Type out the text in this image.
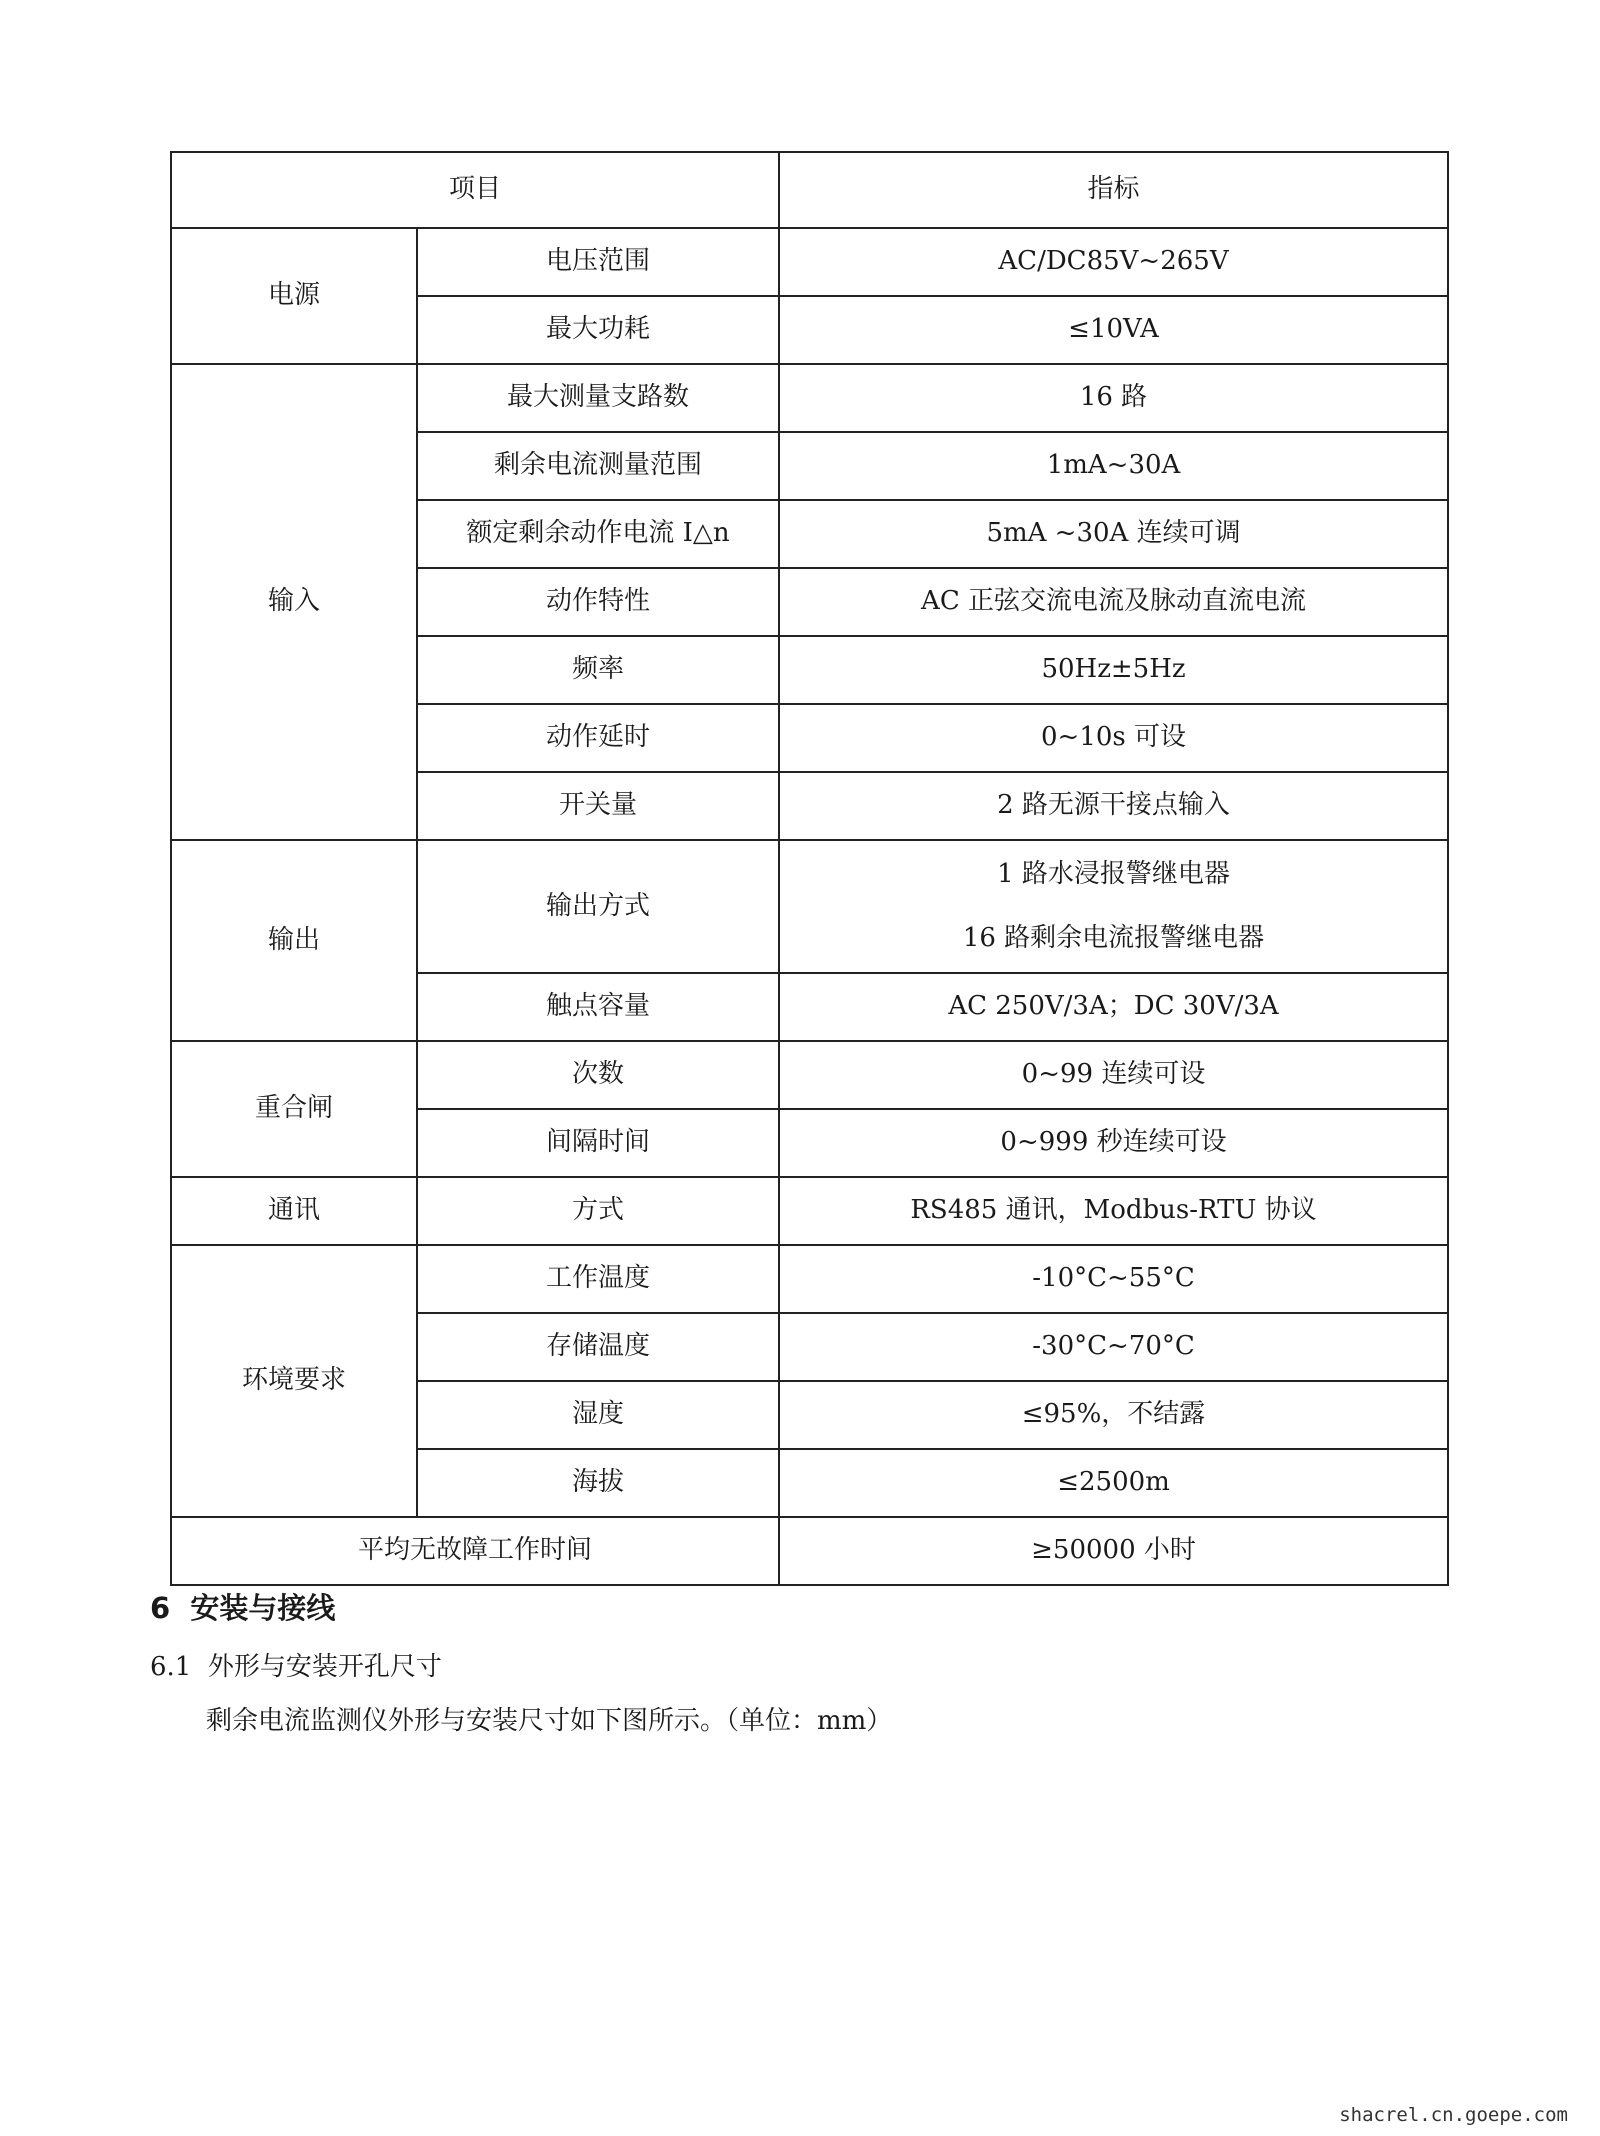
项目		指标
电源	电压范围	AC/DC85V~265V
	最大功耗	≤10VA
输入	最大测量支路数	16 路
	剩余电流测量范围	1mA~30A
	额定剩余动作电流 I△n	5mA ~30A 连续可调
	动作特性	AC 正弦交流电流及脉动直流电流
	频率	50Hz±5Hz
	动作延时	0~10s 可设
	开关量	2 路无源干接点输入
输出	输出方式	1 路水浸报警继电器
16 路剩余电流报警继电器

	触点容量	AC 250V/3A；DC 30V/3A
重合闸	次数	0~99 连续可设
	间隔时间	0~999 秒连续可设
通讯	方式	RS485 通讯，Modbus-RTU 协议
环境要求	工作温度	-10°C~55°C
	存储温度	-30°C~70°C
	湿度	≤95%，不结露
	海拔	≤2500m
平均无故障工作时间		≥50000 小时
6  安装与接线
6.1  外形与安装开孔尺寸
剩余电流监测仪外形与安装尺寸如下图所示。（单位：mm）
shacrel.cn.goepe.com
